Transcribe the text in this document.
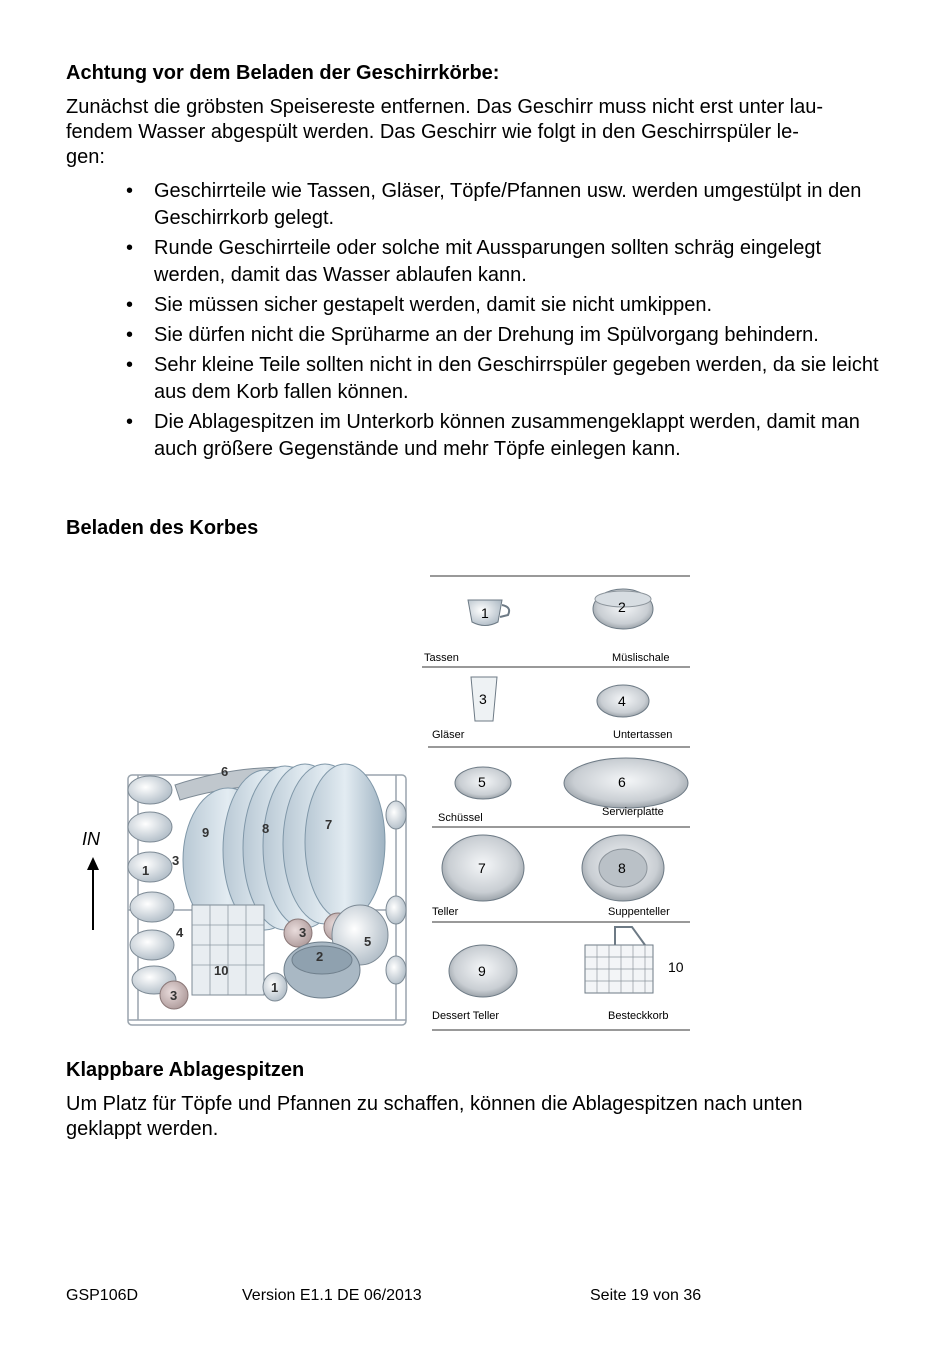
Achtung vor dem Beladen der Geschirrkörbe:

Zunächst die gröbsten Speisereste entfernen. Das Geschirr muss nicht erst unter lau-

fendem Wasser abgespült werden. Das Geschirr wie folgt in den Geschirrspüler le-

gen:

• Geschirrteile wie Tassen, Gläser, Töpfe/Pfannen usw. werden umgestülpt in den Geschirrkorb gelegt.
• Runde Geschirrteile oder solche mit Aussparungen sollten schräg eingelegt werden, damit das Wasser ablaufen kann.
• Sie müssen sicher gestapelt werden, damit sie nicht umkippen.
• Sie dürfen nicht die Sprüharme an der Drehung im Spülvorgang behindern.
• Sehr kleine Teile sollten nicht in den Geschirrspüler gegeben werden, da sie leicht aus dem Korb fallen können.
• Die Ablagespitzen im Unterkorb können zusammengeklappt werden, damit man auch größere Gegenstände und mehr Töpfe einlegen kann.
Beladen des Korbes
IN
6
9	8	7
3
1
4
10
3
5
2
3
1
1
Tassen
2
Müslischale
3
Gläser
4
Untertassen
5
Schüssel
6
Servierplatte
7
Teller
8
Suppenteller
9
Dessert Teller
10
Besteckkorb
Klappbare Ablagespitzen

Um Platz für Töpfe und Pfannen zu schaffen, können die Ablagespitzen nach unten

geklappt werden.

GSP106D	Version E1.1 DE 06/2013	Seite 19 von 36
